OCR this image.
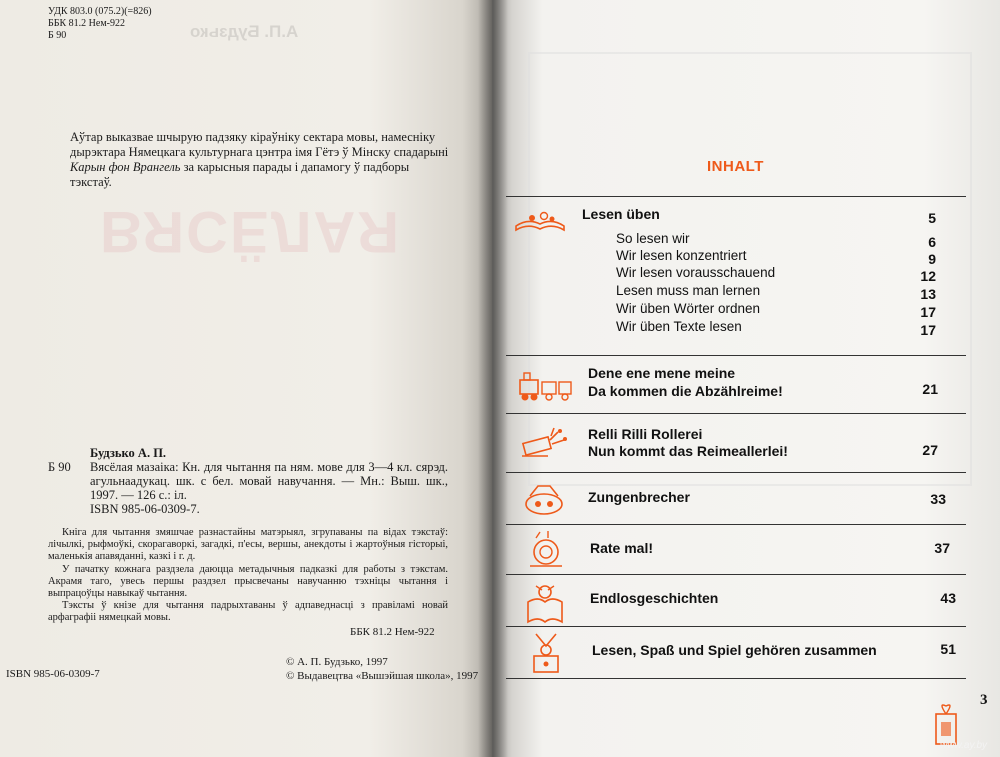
ВЯСЁЛАЯ
А.П. Будзько
УДК 803.0 (075.2)(=826)
ББК 81.2 Нем-922
Б 90
Аўтар выказвае шчырую падзяку кіраўніку сектара мовы, намесніку дырэктара Нямецкага культурнага цэнтра імя Гётэ ў Мінску спадарыні Карын фон Врангель за карысныя парады і дапамогу ў падборы тэкстаў.
Будзько А. П.
Б 90	Вясёлая мазаіка: Кн. для чытання па ням. мове для 3—4 кл. сярэд. агульнаадукац. шк. с бел. мовай навучання. — Мн.: Выш. шк., 1997. — 126 с.: іл.
ISBN 985-06-0309-7.

Кніга для чытання змяшчае разнастайны матэрыял, згрупаваны па відах тэкстаў: лічылкі, рыфмоўкі, скорагаворкі, загадкі, п'есы, вершы, анекдоты і жартоўныя гісторыі, маленькія апавяданні, казкі і г. д.

У пачатку кожнага раздзела даюцца метадычныя падказкі для работы з тэкстам. Акрамя таго, увесь першы раздзел прысвечаны навучанню тэхніцы чытання і выпрацоўцы навыкаў чытання.

Тэксты ў кнізе для чытання падрыхтаваны ў адпаведнасці з правіламі новай арфаграфіі нямецкай мовы.

ББК 81.2 Нем-922
ISBN 985-06-0309-7
© А. П. Будзько, 1997
© Выдавецтва «Вышэйшая школа», 1997
INHALT
Lesen üben	5
So lesen wir	6
Wir lesen konzentriert	9
Wir lesen vorausschauend	12
Lesen muss man lernen	13
Wir üben Wörter ordnen	17
Wir üben Texte lesen	17
Dene ene mene meine
Da kommen die Abzählreime!	21
Relli Rilli Rollerei
Nun kommt das Reimeallerlei!	27
Zungenbrecher	33
Rate mal!	37
Endlosgeschichten	43
Lesen, Spaß und Spiel gehören zusammen	51
3
www.ay.by
